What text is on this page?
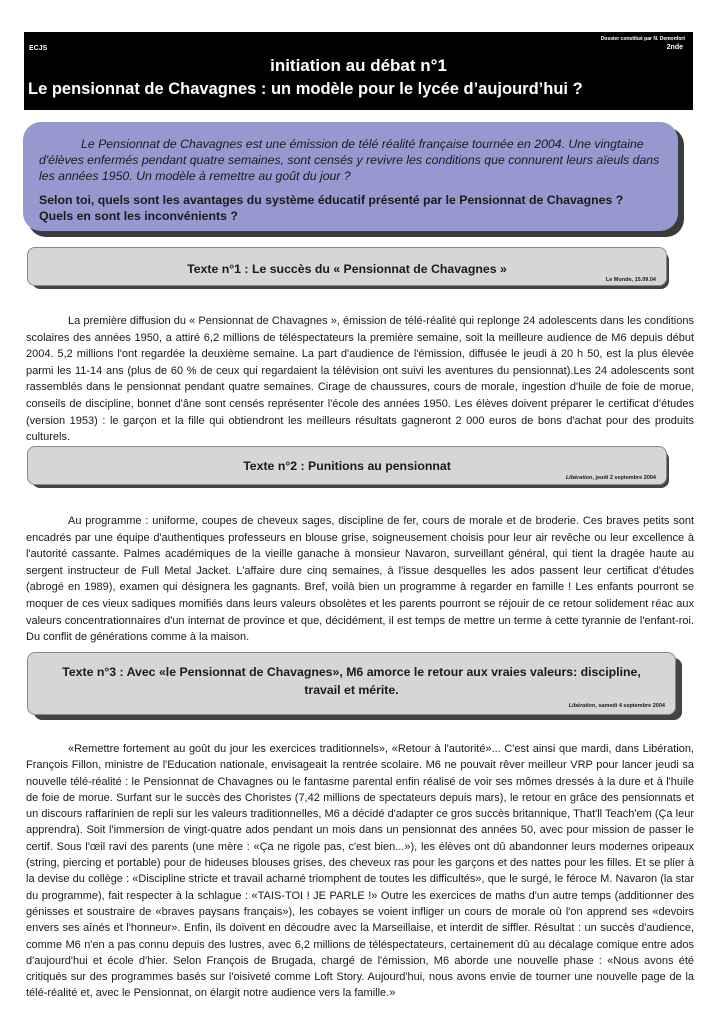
Dossier constitué par N. Demonfort
2nde
ECJS
initiation au débat n°1
Le pensionnat de Chavagnes : un modèle pour le lycée d’aujourd’hui ?

Le Pensionnat de Chavagnes est une émission de télé réalité française tournée en 2004. Une vingtaine d'élèves enfermés pendant quatre semaines, sont censés y revivre les conditions que connurent leurs aïeuls dans les années 1950. Un modèle à remettre au goût du jour ?

Selon toi, quels sont les avantages du système éducatif présenté par le Pensionnat de Chavagnes ? Quels en sont les inconvénients ?

Texte n°1 : Le succès du « Pensionnat de Chavagnes »
Le Monde, 15.09.04

La première diffusion du « Pensionnat de Chavagnes », émission de télé-réalité qui replonge 24 adolescents dans les conditions scolaires des années 1950, a attiré 6,2 millions de téléspectateurs la première semaine, soit la meilleure audience de M6 depuis début 2004. 5,2 millions l'ont regardée la deuxième semaine. La part d'audience de l'émission, diffusée le jeudi à 20 h 50, est la plus élevée parmi les 11-14 ans (plus de 60 % de ceux qui regardaient la télévision ont suivi les aventures du pensionnat).Les 24 adolescents sont rassemblés dans le pensionnat pendant quatre semaines. Cirage de chaussures, cours de morale, ingestion d'huile de foie de morue, conseils de discipline, bonnet d'âne sont censés représenter l'école des années 1950. Les élèves doivent préparer le certificat d'études (version 1953) : le garçon et la fille qui obtiendront les meilleurs résultats gagneront 2 000 euros de bons d'achat pour des produits culturels.

Texte n°2 : Punitions au pensionnat
Libération, jeudi 2 septembre 2004

Au programme : uniforme, coupes de cheveux sages, discipline de fer, cours de morale et de broderie. Ces braves petits sont encadrés par une équipe d'authentiques professeurs en blouse grise, soigneusement choisis pour leur air revêche ou leur excellence à l'autorité cassante. Palmes académiques de la vieille ganache à monsieur Navaron, surveillant général, qui tient la dragée haute au sergent instructeur de Full Metal Jacket. L'affaire dure cinq semaines, à l'issue desquelles les ados passent leur certificat d'études (abrogé en 1989), examen qui désignera les gagnants. Bref, voilà bien un programme à regarder en famille ! Les enfants pourront se moquer de ces vieux sadiques momifiés dans leurs valeurs obsolètes et les parents pourront se réjouir de ce retour solidement réac aux valeurs concentrationnaires d'un internat de province et que, décidément, il est temps de mettre un terme à cette tyrannie de l'enfant-roi. Du conflit de générations comme à la maison.

Texte n°3 : Avec «le Pensionnat de Chavagnes», M6 amorce le retour aux vraies valeurs: discipline, travail et mérite.
Libération, samedi 4 septembre 2004

«Remettre fortement au goût du jour les exercices traditionnels», «Retour à l'autorité»... C'est ainsi que mardi, dans Libération, François Fillon, ministre de l'Education nationale, envisageait la rentrée scolaire. M6 ne pouvait rêver meilleur VRP pour lancer jeudi sa nouvelle télé-réalité : le Pensionnat de Chavagnes ou le fantasme parental enfin réalisé de voir ses mômes dressés à la dure et à l'huile de foie de morue. Surfant sur le succès des Choristes (7,42 millions de spectateurs depuis mars), le retour en grâce des pensionnats et un discours raffarinien de repli sur les valeurs traditionnelles, M6 a décidé d'adapter ce gros succès britannique, That'll Teach'em (Ça leur apprendra). Soit l'immersion de vingt-quatre ados pendant un mois dans un pensionnat des années 50, avec pour mission de passer le certif. Sous l'œil ravi des parents (une mère : «Ça ne rigole pas, c'est bien...»), les élèves ont dû abandonner leurs modernes oripeaux (string, piercing et portable) pour de hideuses blouses grises, des cheveux ras pour les garçons et des nattes pour les filles. Et se plier à la devise du collège : «Discipline stricte et travail acharné triomphent de toutes les difficultés», que le surgé, le féroce M. Navaron (la star du programme), fait respecter à la schlague : «TAIS-TOI ! JE PARLE !» Outre les exercices de maths d'un autre temps (additionner des génisses et soustraire de «braves paysans français»), les cobayes se voient infliger un cours de morale où l'on apprend ses «devoirs envers ses aînés et l'honneur». Enfin, ils doivent en découdre avec la Marseillaise, et interdit de siffler. Résultat : un succès d'audience, comme M6 n'en a pas connu depuis des lustres, avec 6,2 millions de téléspectateurs, certainement dû au décalage comique entre ados d'aujourd'hui et école d'hier. Selon François de Brugada, chargé de l'émission, M6 aborde une nouvelle phase : «Nous avons été critiqués sur des programmes basés sur l'oisiveté comme Loft Story. Aujourd'hui, nous avons envie de tourner une nouvelle page de la télé-réalité et, avec le Pensionnat, on élargit notre audience vers la famille.»
